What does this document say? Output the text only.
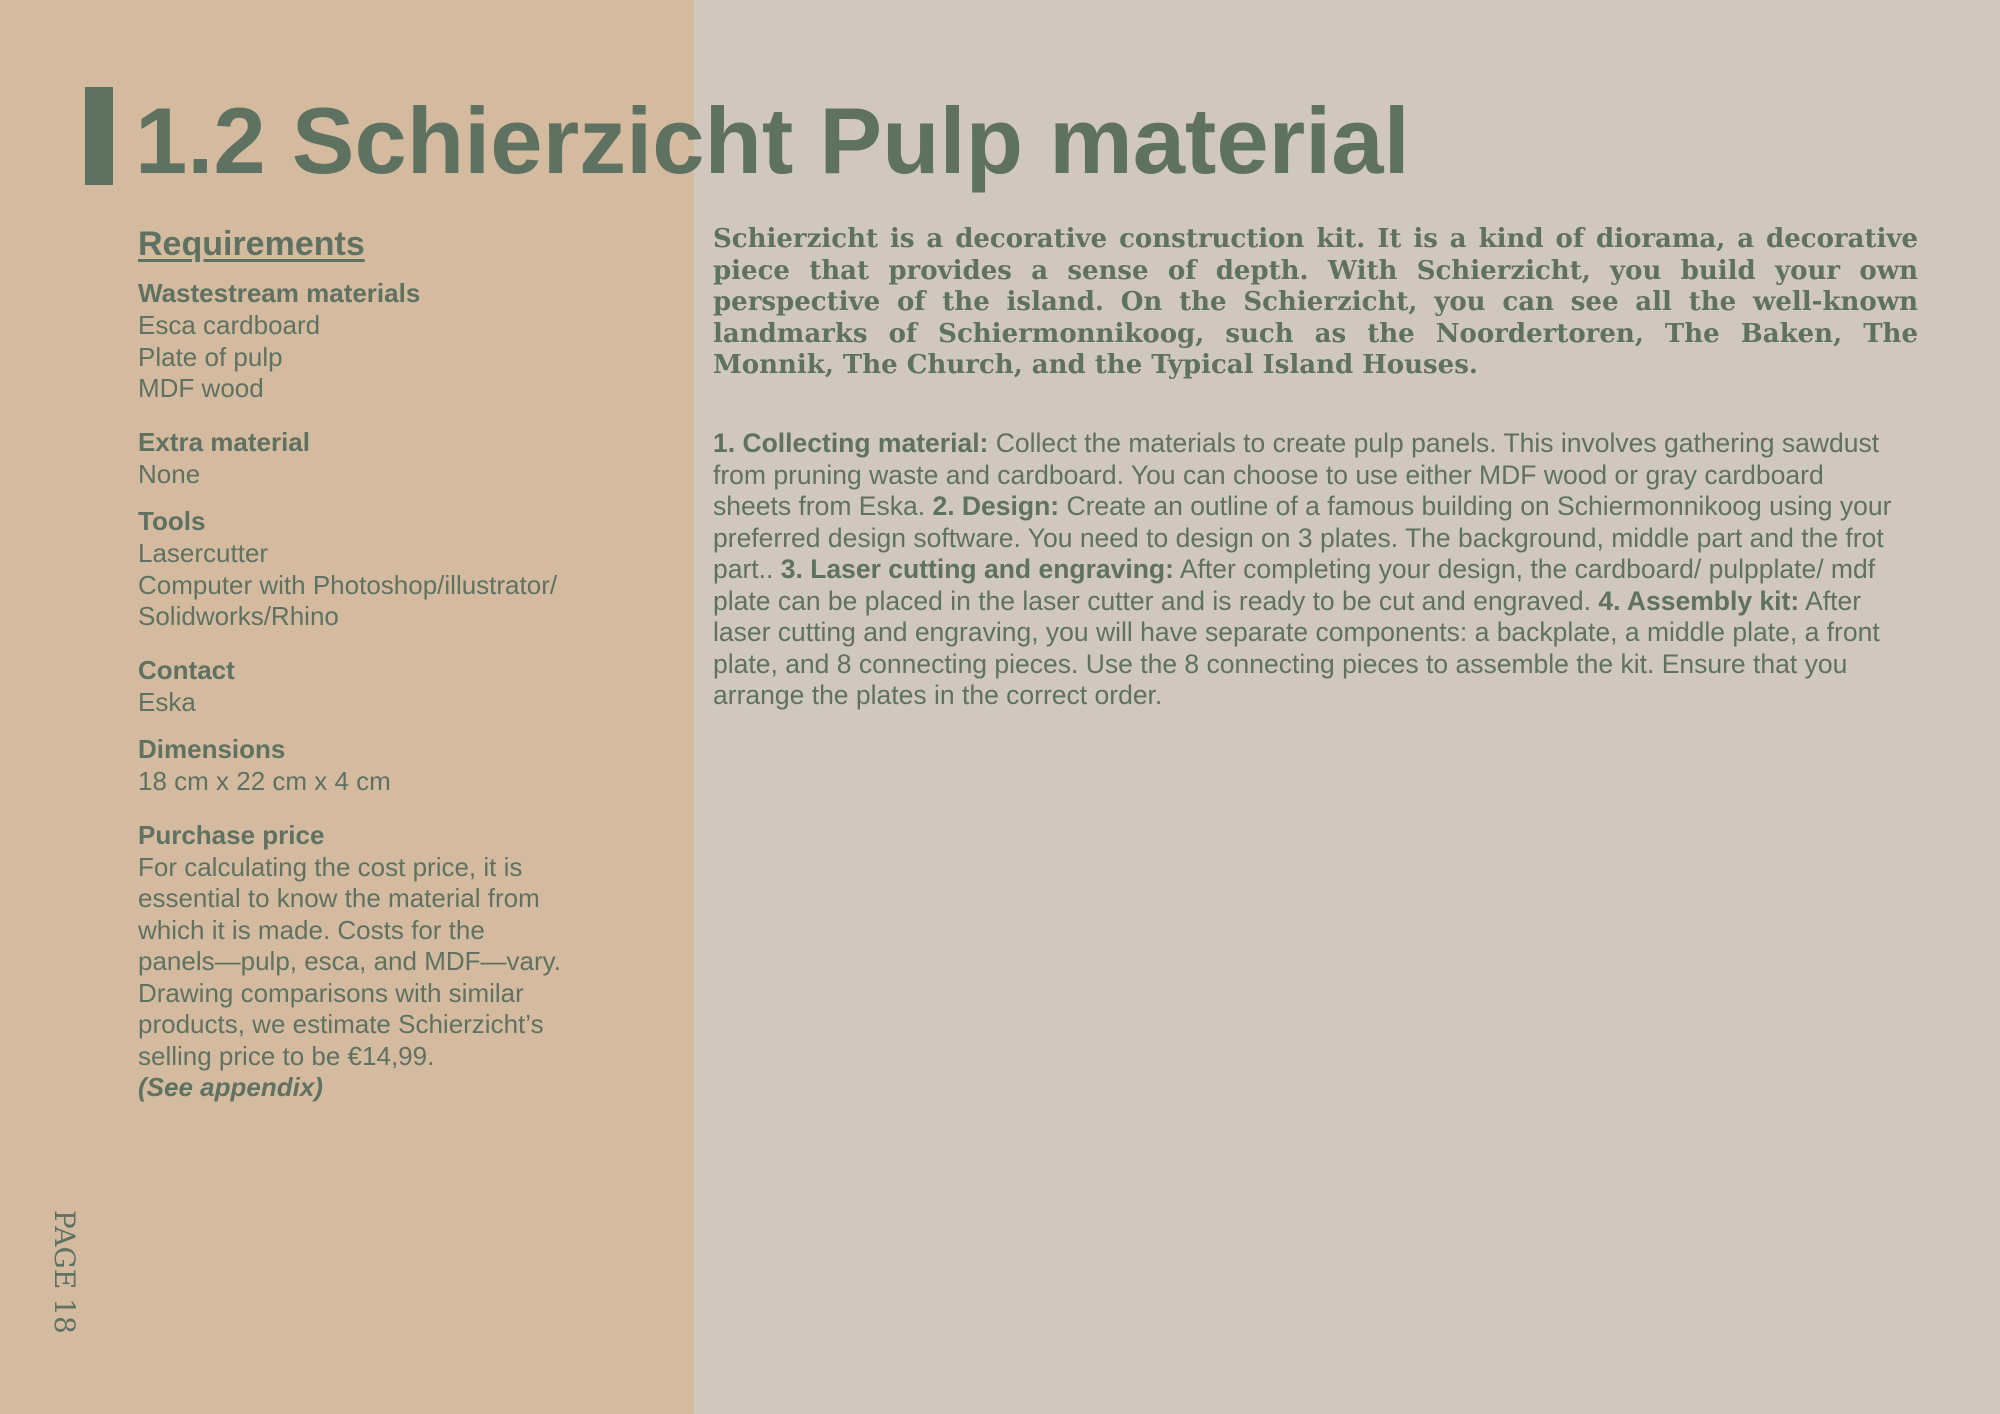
1.2 Schierzicht Pulp material
Requirements
Wastestream materials
Esca cardboard
Plate of pulp
MDF wood
Extra material
None
Tools
Lasercutter
Computer with Photoshop/illustrator/
Solidworks/Rhino
Contact
Eska
Dimensions
18 cm x 22 cm x 4 cm
Purchase price
For calculating the cost price, it is
essential to know the material from
which it is made. Costs for the
panels—pulp, esca, and MDF—vary.
Drawing comparisons with similar
products, we estimate Schierzicht’s
selling price to be €14,99.
(See appendix)

Schierzicht is a decorative construction kit. It is a kind of diorama, a decorative piece that provides a sense of depth. With Schierzicht, you build your own perspective of the island. On the Schierzicht, you can see all the well-known landmarks of Schiermonnikoog, such as the Noordertoren, The Baken, The Monnik, The Church, and the Typical Island Houses.

1. Collecting material: Collect the materials to create pulp panels. This involves gathering sawdust from pruning waste and cardboard. You can choose to use either MDF wood or gray cardboard sheets from Eska. 2. Design: Create an outline of a famous building on Schiermonnikoog using your preferred design software. You need to design on 3 plates. The background, middle part and the frot part.. 3. Laser cutting and engraving: After completing your design, the cardboard/ pulpplate/ mdf plate can be placed in the laser cutter and is ready to be cut and engraved. 4. Assembly kit: After laser cutting and engraving, you will have separate components: a backplate, a middle plate, a front plate, and 8 connecting pieces. Use the 8 connecting pieces to assemble the kit. Ensure that you arrange the plates in the correct order.

PAGE 18
